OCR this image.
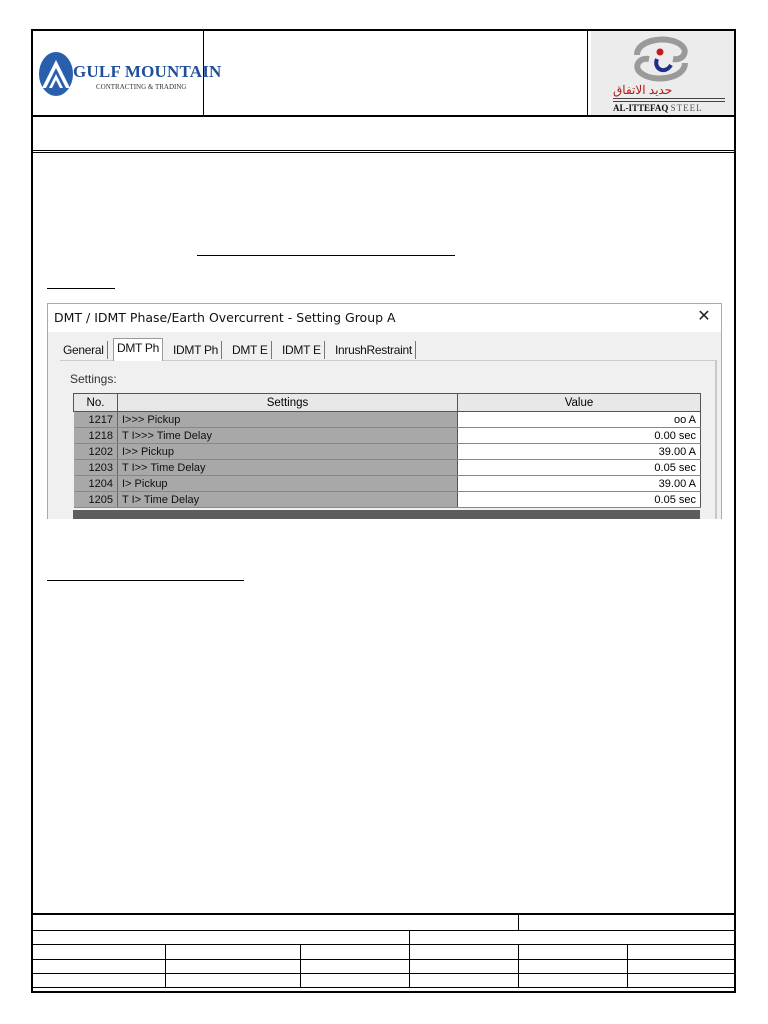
GULF MOUNTAIN
CONTRACTING & TRADING	حديد الاتفاق
AL-ITTEFAQ STEEL
DMT / IDMT Phase/Earth Overcurrent - Setting Group A	✕
General	DMT Ph	IDMT Ph	DMT E	IDMT E	InrushRestraint
Settings:
No.	Settings	Value
1217	I>>> Pickup	oo A
1218	T I>>> Time Delay	0.00 sec
1202	I>> Pickup	39.00 A
1203	T I>> Time Delay	0.05 sec
1204	I> Pickup	39.00 A
1205	T I> Time Delay	0.05 sec
